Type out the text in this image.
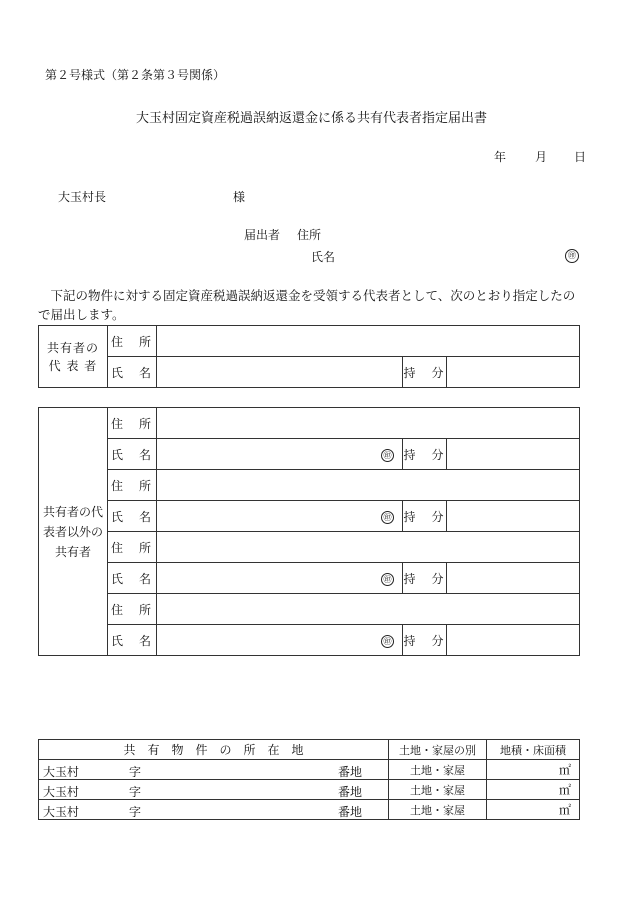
第２号様式（第２条第３号関係）
大玉村固定資産税過誤納返還金に係る共有代表者指定届出書
年 月 日
大玉村長	様
届出者 住所
氏名	㊞
下記の物件に対する固定資産税過誤納返還金を受領する代表者として、次のとおり指定したので届出します。
共有者の
代 表 者	住　所			
	氏　名		持　分	
共有者の代
表者以外の
共有者	住　所			
	氏　名	㊞	持　分	
	住　所			
	氏　名	㊞	持　分	
	住　所			
	氏　名	㊞	持　分	
	住　所			
	氏　名	㊞	持　分	
共　有　物　件　の　所　在　地	土地・家屋の別	地積・床面積

大玉村 字 番地	土地・家屋	㎡

大玉村 字 番地	土地・家屋	㎡

大玉村 字 番地	土地・家屋	㎡
